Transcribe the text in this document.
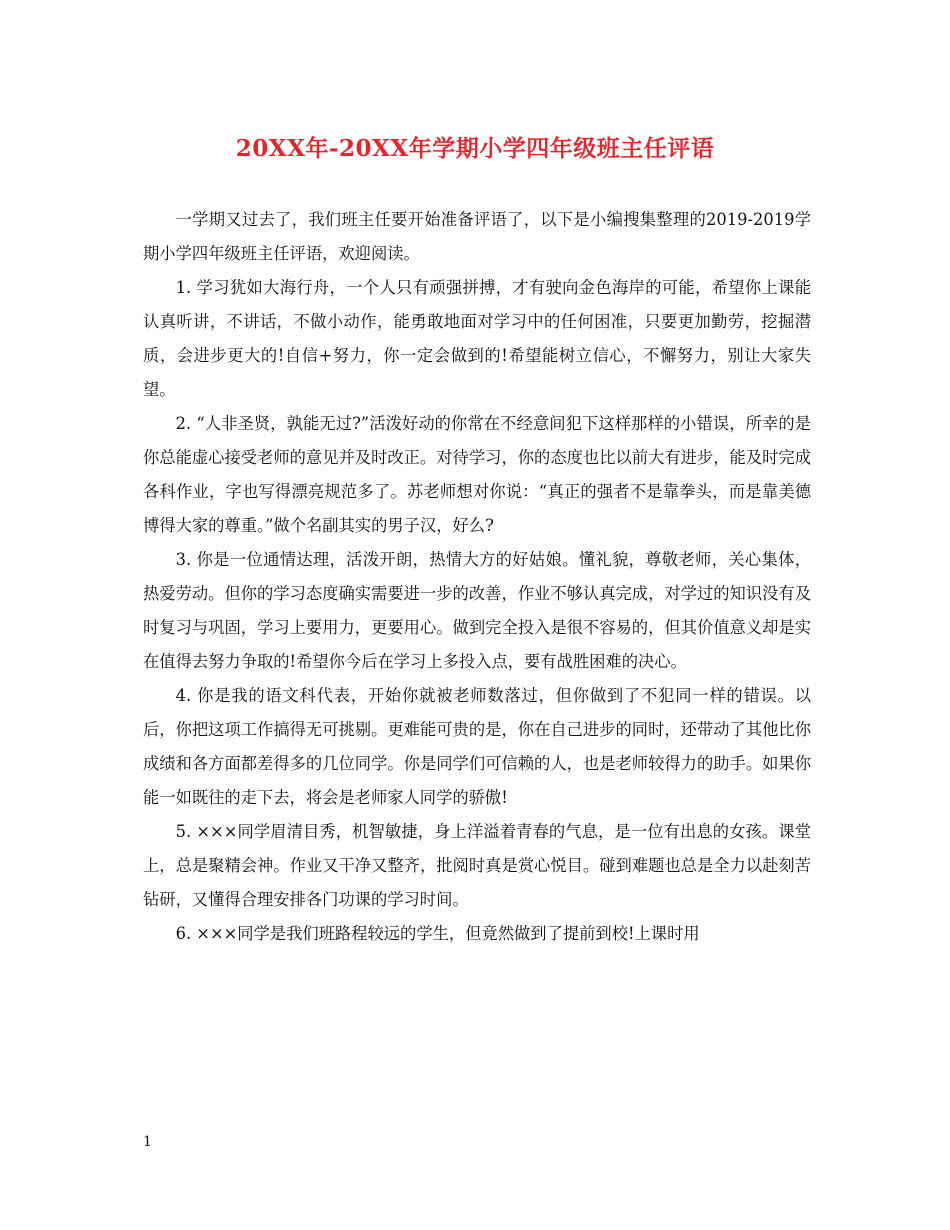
20XX年-20XX年学期小学四年级班主任评语

一学期又过去了，我们班主任要开始准备评语了，以下是小编搜集整理的2019-2019学期小学四年级班主任评语，欢迎阅读。

1. 学习犹如大海行舟，一个人只有顽强拼搏，才有驶向金色海岸的可能，希望你上课能认真听讲，不讲话，不做小动作，能勇敢地面对学习中的任何困准，只要更加勤劳，挖掘潜质，会进步更大的!自信+努力，你一定会做到的!希望能树立信心，不懈努力，别让大家失望。

2. “人非圣贤，孰能无过?”活泼好动的你常在不经意间犯下这样那样的小错误，所幸的是你总能虚心接受老师的意见并及时改正。对待学习，你的态度也比以前大有进步，能及时完成各科作业，字也写得漂亮规范多了。苏老师想对你说：“真正的强者不是靠拳头，而是靠美德博得大家的尊重。”做个名副其实的男子汉，好么?

3. 你是一位通情达理，活泼开朗，热情大方的好姑娘。懂礼貌，尊敬老师，关心集体，热爱劳动。但你的学习态度确实需要进一步的改善，作业不够认真完成，对学过的知识没有及时复习与巩固，学习上要用力，更要用心。做到完全投入是很不容易的，但其价值意义却是实在值得去努力争取的!希望你今后在学习上多投入点，要有战胜困难的决心。

4. 你是我的语文科代表，开始你就被老师数落过，但你做到了不犯同一样的错误。以后，你把这项工作搞得无可挑剔。更难能可贵的是，你在自己进步的同时，还带动了其他比你成绩和各方面都差得多的几位同学。你是同学们可信赖的人，也是老师较得力的助手。如果你能一如既往的走下去，将会是老师家人同学的骄傲!

5. ×××同学眉清目秀，机智敏捷，身上洋溢着青春的气息，是一位有出息的女孩。课堂上，总是聚精会神。作业又干净又整齐，批阅时真是赏心悦目。碰到难题也总是全力以赴刻苦钻研，又懂得合理安排各门功课的学习时间。

6. ×××同学是我们班路程较远的学生，但竟然做到了提前到校!上课时用

1
